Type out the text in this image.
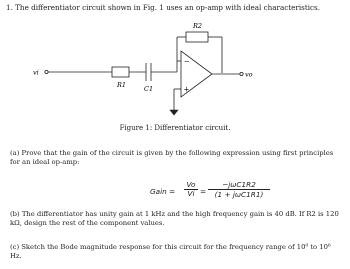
1. The differentiator circuit shown in Fig. 1 uses an op-amp with ideal characteristics.
vi	vo
R1	C1
R2
−
+
Figure 1: Differentiator circuit.
(a) Prove that the gain of the circuit is given by the following expression using first principles for an ideal op-amp:
Gain = $\frac{Vo}{Vi}$ =
−jωC1R2
(1 + jωC1R1)
(b) The differentiator has unity gain at 1 kHz and the high frequency gain is 40 dB. If R2 is 120 kΩ, design the rest of the component values.
(c) Sketch the Bode magnitude response for this circuit for the frequency range of 10⁰ to 10⁶ Hz.
